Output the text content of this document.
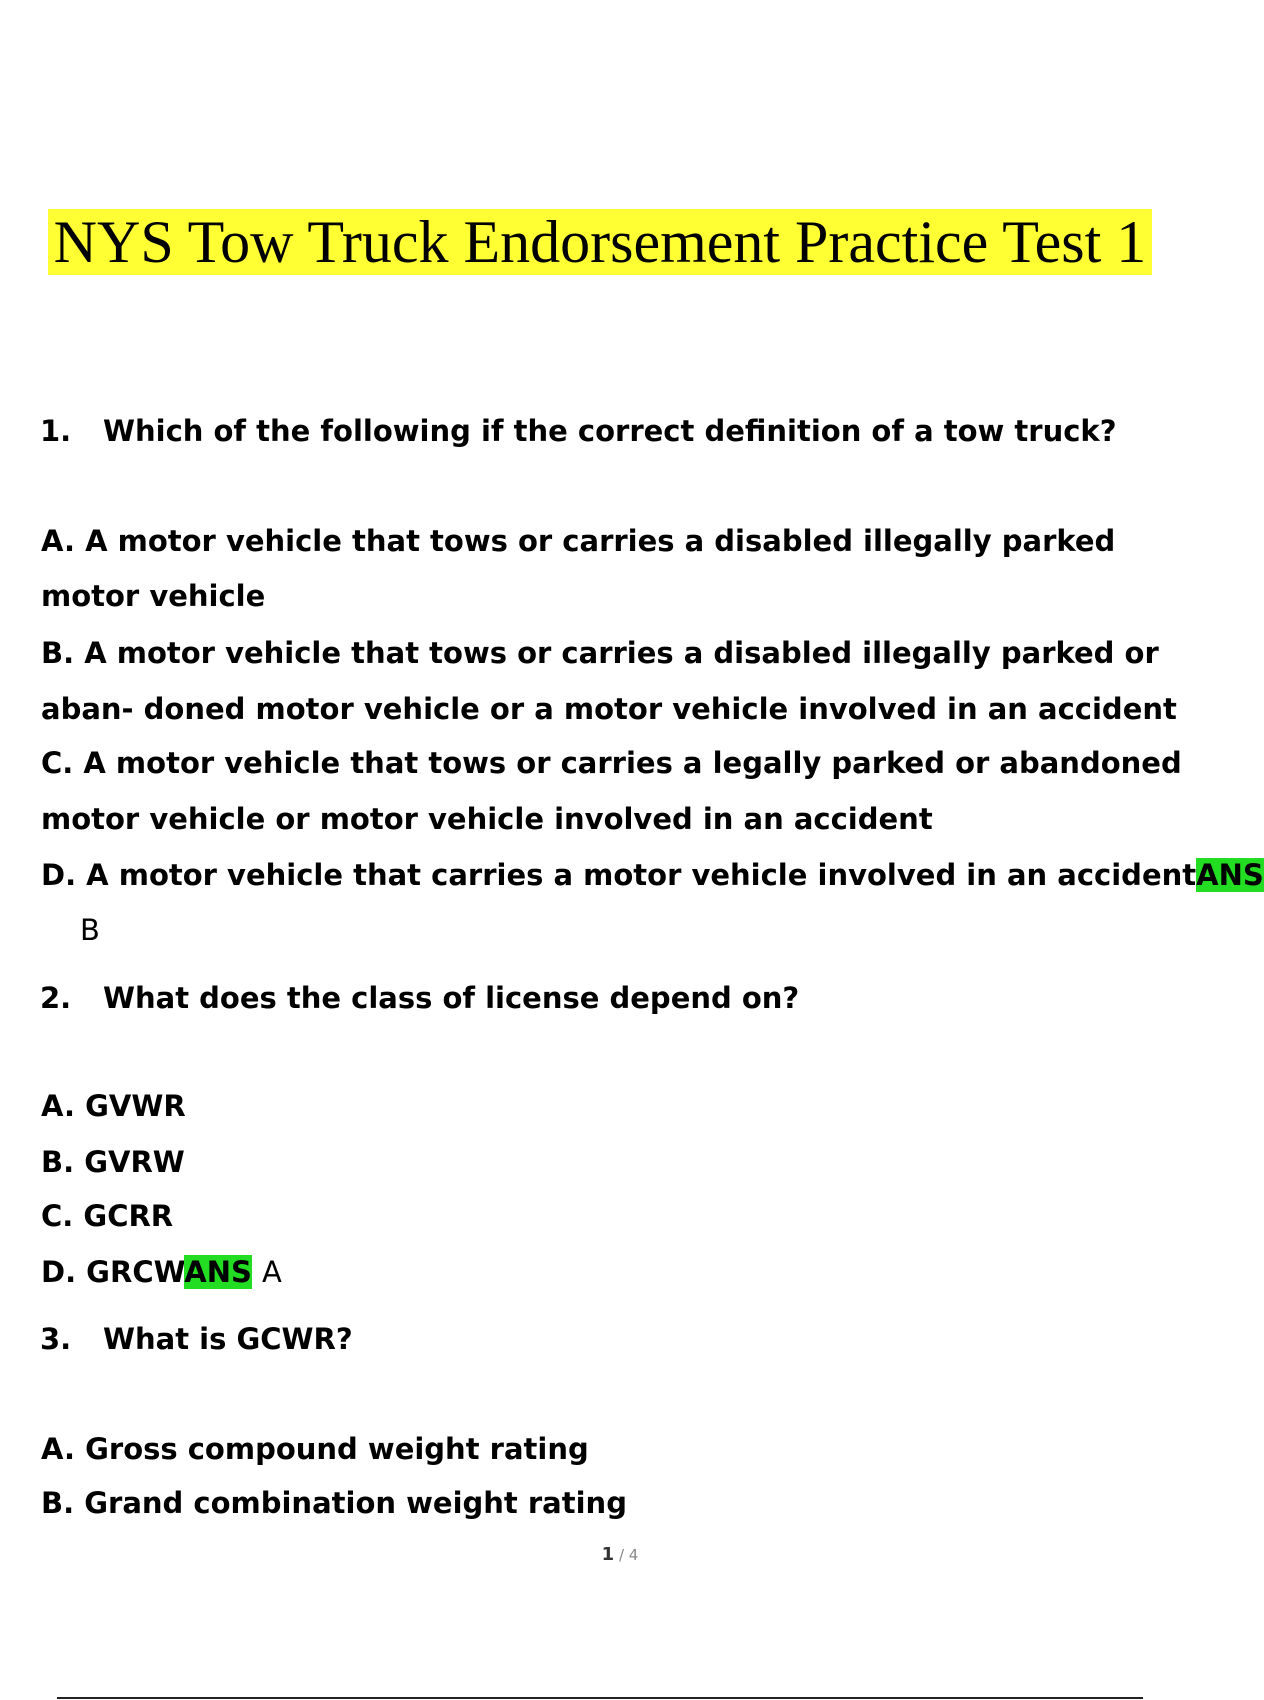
NYS Tow Truck Endorsement Practice Test 1
1. Which of the following if the correct definition of a tow truck?
A. A motor vehicle that tows or carries a disabled illegally parked
motor vehicle
B. A motor vehicle that tows or carries a disabled illegally parked or
aban- doned motor vehicle or a motor vehicle involved in an accident
C. A motor vehicle that tows or carries a legally parked or abandoned
motor vehicle or motor vehicle involved in an accident
D. A motor vehicle that carries a motor vehicle involved in an accidentANS
B
2. What does the class of license depend on?
A. GVWR
B. GVRW
C. GCRR
D. GRCWANS A
3. What is GCWR?
A. Gross compound weight rating
B. Grand combination weight rating
1 / 4
